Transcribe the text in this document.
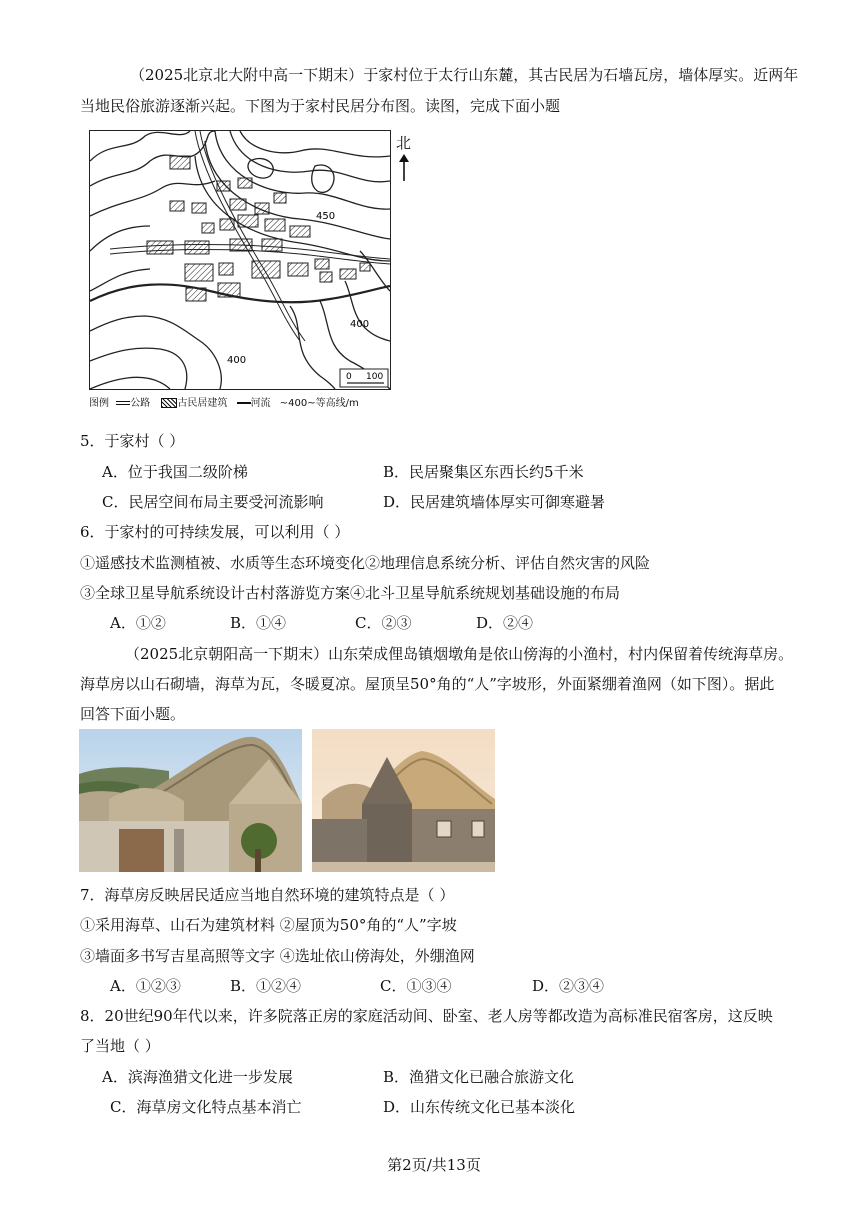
（2025北京北大附中高一下期末）于家村位于太行山东麓，其古民居为石墙瓦房，墙体厚实。近两年
当地民俗旅游逐渐兴起。下图为于家村民居分布图。读图，完成下面小题
450
400
400
0 100
北
图例 公路	古民居建筑 河流 ~400~等高线/m
5．于家村（ ）
A．位于我国二级阶梯	B．民居聚集区东西长约5千米
C．民居空间布局主要受河流影响	D．民居建筑墙体厚实可御寒避暑
6．于家村的可持续发展，可以利用（ ）
①遥感技术监测植被、水质等生态环境变化②地理信息系统分析、评估自然灾害的风险
③全球卫星导航系统设计古村落游览方案④北斗卫星导航系统规划基础设施的布局
A．①②	B．①④	C．②③	D．②④
（2025北京朝阳高一下期末）山东荣成俚岛镇烟墩角是依山傍海的小渔村，村内保留着传统海草房。
海草房以山石砌墙，海草为瓦，冬暖夏凉。屋顶呈50°角的“人”字坡形，外面紧绷着渔网（如下图）。据此
回答下面小题。
7．海草房反映居民适应当地自然环境的建筑特点是（ ）
①采用海草、山石为建筑材料 ②屋顶为50°角的“人”字坡
③墙面多书写吉星高照等文字 ④选址依山傍海处，外绷渔网
A．①②③	B．①②④	C．①③④	D．②③④
8．20世纪90年代以来，许多院落正房的家庭活动间、卧室、老人房等都改造为高标准民宿客房，这反映
了当地（ ）
A．滨海渔猎文化进一步发展	B．渔猎文化已融合旅游文化
C．海草房文化特点基本消亡	D．山东传统文化已基本淡化
第2页/共13页
